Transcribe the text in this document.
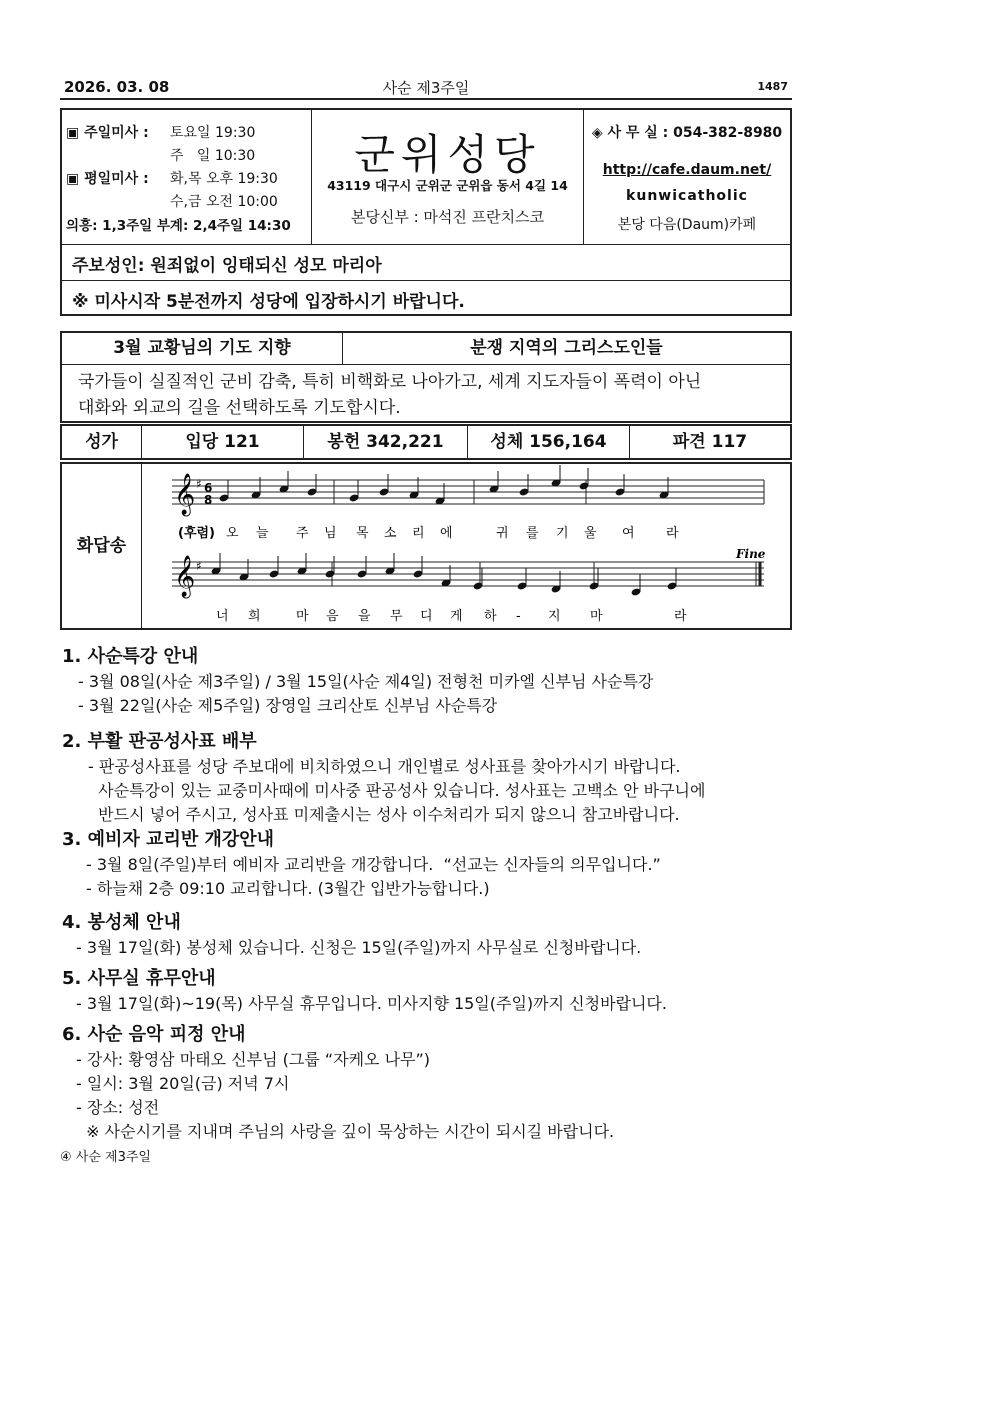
2026. 03. 08	사순 제3주일	1487
▣ 주일미사 : 토요일 19:30
주   일 10:30
▣ 평일미사 : 화,목 오후 19:30
수,금 오전 10:00
의흥: 1,3주일 부계: 2,4주일 14:30
군위성당
43119 대구시 군위군 군위읍 동서 4길 14
본당신부 : 마석진 프란치스코
◈ 사 무 실 : 054-382-8980
http://cafe.daum.net/
kunwicatholic
본당 다음(Daum)카페
주보성인: 원죄없이 잉태되신 성모 마리아
※ 미사시작 5분전까지 성당에 입장하시기 바랍니다.
3월 교황님의 기도 지향	분쟁 지역의 그리스도인들
국가들이 실질적인 군비 감축, 특히 비핵화로 나아가고, 세계 지도자들이 폭력이 아닌
대화와 외교의 길을 선택하도록 기도합시다.
성가	입당 121	봉헌 342,221	성체 156,164	파견 117
화답송
𝄞 ♯
𝄞 ♯
6
8
(후렴) 오 늘 주 님 목 소 리 에	귀 를 기 울 여 라
너 희	마 음 을 무 디 게 하 - 지 마	라
Fine
1. 사순특강 안내
- 3월 08일(사순 제3주일) / 3월 15일(사순 제4일) 전형천 미카엘 신부님 사순특강
- 3월 22일(사순 제5주일) 장영일 크리산토 신부님 사순특강
2. 부활 판공성사표 배부
- 판공성사표를 성당 주보대에 비치하였으니 개인별로 성사표를 찾아가시기 바랍니다.
사순특강이 있는 교중미사때에 미사중 판공성사 있습니다. 성사표는 고백소 안 바구니에
반드시 넣어 주시고, 성사표 미제출시는 성사 이수처리가 되지 않으니 참고바랍니다.
3. 예비자 교리반 개강안내
- 3월 8일(주일)부터 예비자 교리반을 개강합니다.  “선교는 신자들의 의무입니다.”
- 하늘채 2층 09:10 교리합니다. (3월간 입반가능합니다.)
4. 봉성체 안내
- 3월 17일(화) 봉성체 있습니다. 신청은 15일(주일)까지 사무실로 신청바랍니다.
5. 사무실 휴무안내
- 3월 17일(화)~19(목) 사무실 휴무입니다. 미사지향 15일(주일)까지 신청바랍니다.
6. 사순 음악 피정 안내
- 강사: 황영삼 마태오 신부님 (그룹 “자케오 나무”)
- 일시: 3월 20일(금) 저녁 7시
- 장소: 성전
※ 사순시기를 지내며 주님의 사랑을 깊이 묵상하는 시간이 되시길 바랍니다.
④ 사순 제3주일
